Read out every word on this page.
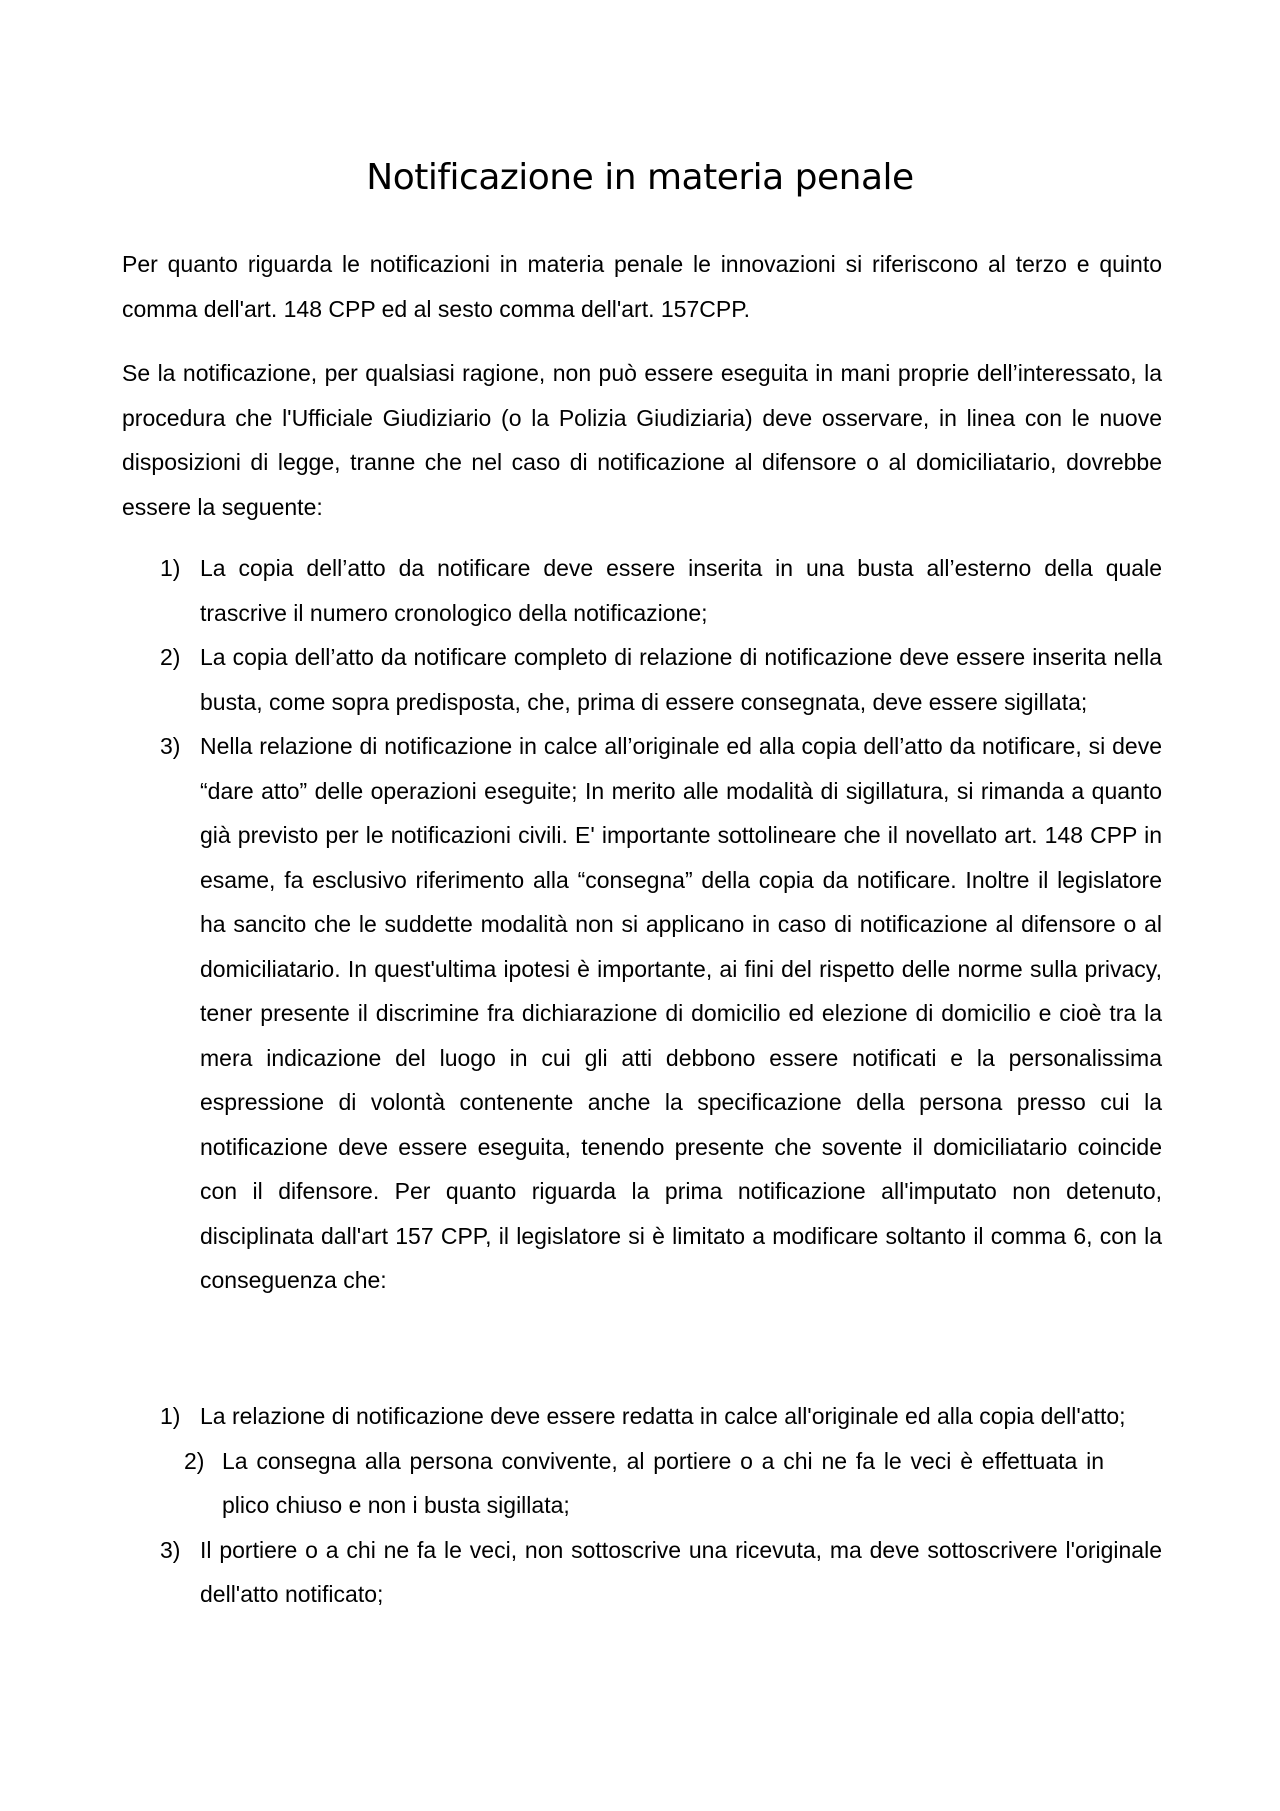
Notificazione in materia penale

Per quanto riguarda le notificazioni in materia penale le innovazioni si riferiscono al terzo e quinto comma dell'art. 148 CPP ed al sesto comma dell'art. 157CPP.

Se la notificazione, per qualsiasi ragione, non può essere eseguita in mani proprie dell’interessato, la procedura che l'Ufficiale Giudiziario (o la Polizia Giudiziaria) deve osservare, in linea con le nuove disposizioni di legge, tranne che nel caso di notificazione al difensore o al domiciliatario, dovrebbe essere la seguente:

1) La copia dell’atto da notificare deve essere inserita in una busta all’esterno della quale trascrive il numero cronologico della notificazione;
2) La copia dell’atto da notificare completo di relazione di notificazione deve essere inserita nella busta, come sopra predisposta, che, prima di essere consegnata, deve essere sigillata;
3) Nella relazione di notificazione in calce all’originale ed alla copia dell’atto da notificare, si deve “dare atto” delle operazioni eseguite; In merito alle modalità di sigillatura, si rimanda a quanto già previsto per le notificazioni civili. E' importante sottolineare che il novellato art. 148 CPP in esame, fa esclusivo riferimento alla “consegna” della copia da notificare. Inoltre il legislatore ha sancito che le suddette modalità non si applicano in caso di notificazione al difensore o al domiciliatario. In quest'ultima ipotesi è importante, ai fini del rispetto delle norme sulla privacy, tener presente il discrimine fra dichiarazione di domicilio ed elezione di domicilio e cioè tra la mera indicazione del luogo in cui gli atti debbono essere notificati e la personalissima espressione di volontà contenente anche la specificazione della persona presso cui la notificazione deve essere eseguita, tenendo presente che sovente il domiciliatario coincide con il difensore. Per quanto riguarda la prima notificazione all'imputato non detenuto, disciplinata dall'art 157 CPP, il legislatore si è limitato a modificare soltanto il comma 6, con la conseguenza che:
1) La relazione di notificazione deve essere redatta in calce all'originale ed alla copia dell'atto;
2) La consegna alla persona convivente, al portiere o a chi ne fa le veci è effettuata in plico chiuso e non i busta sigillata;
3) Il portiere o a chi ne fa le veci, non sottoscrive una ricevuta, ma deve sottoscrivere l'originale dell'atto notificato;
